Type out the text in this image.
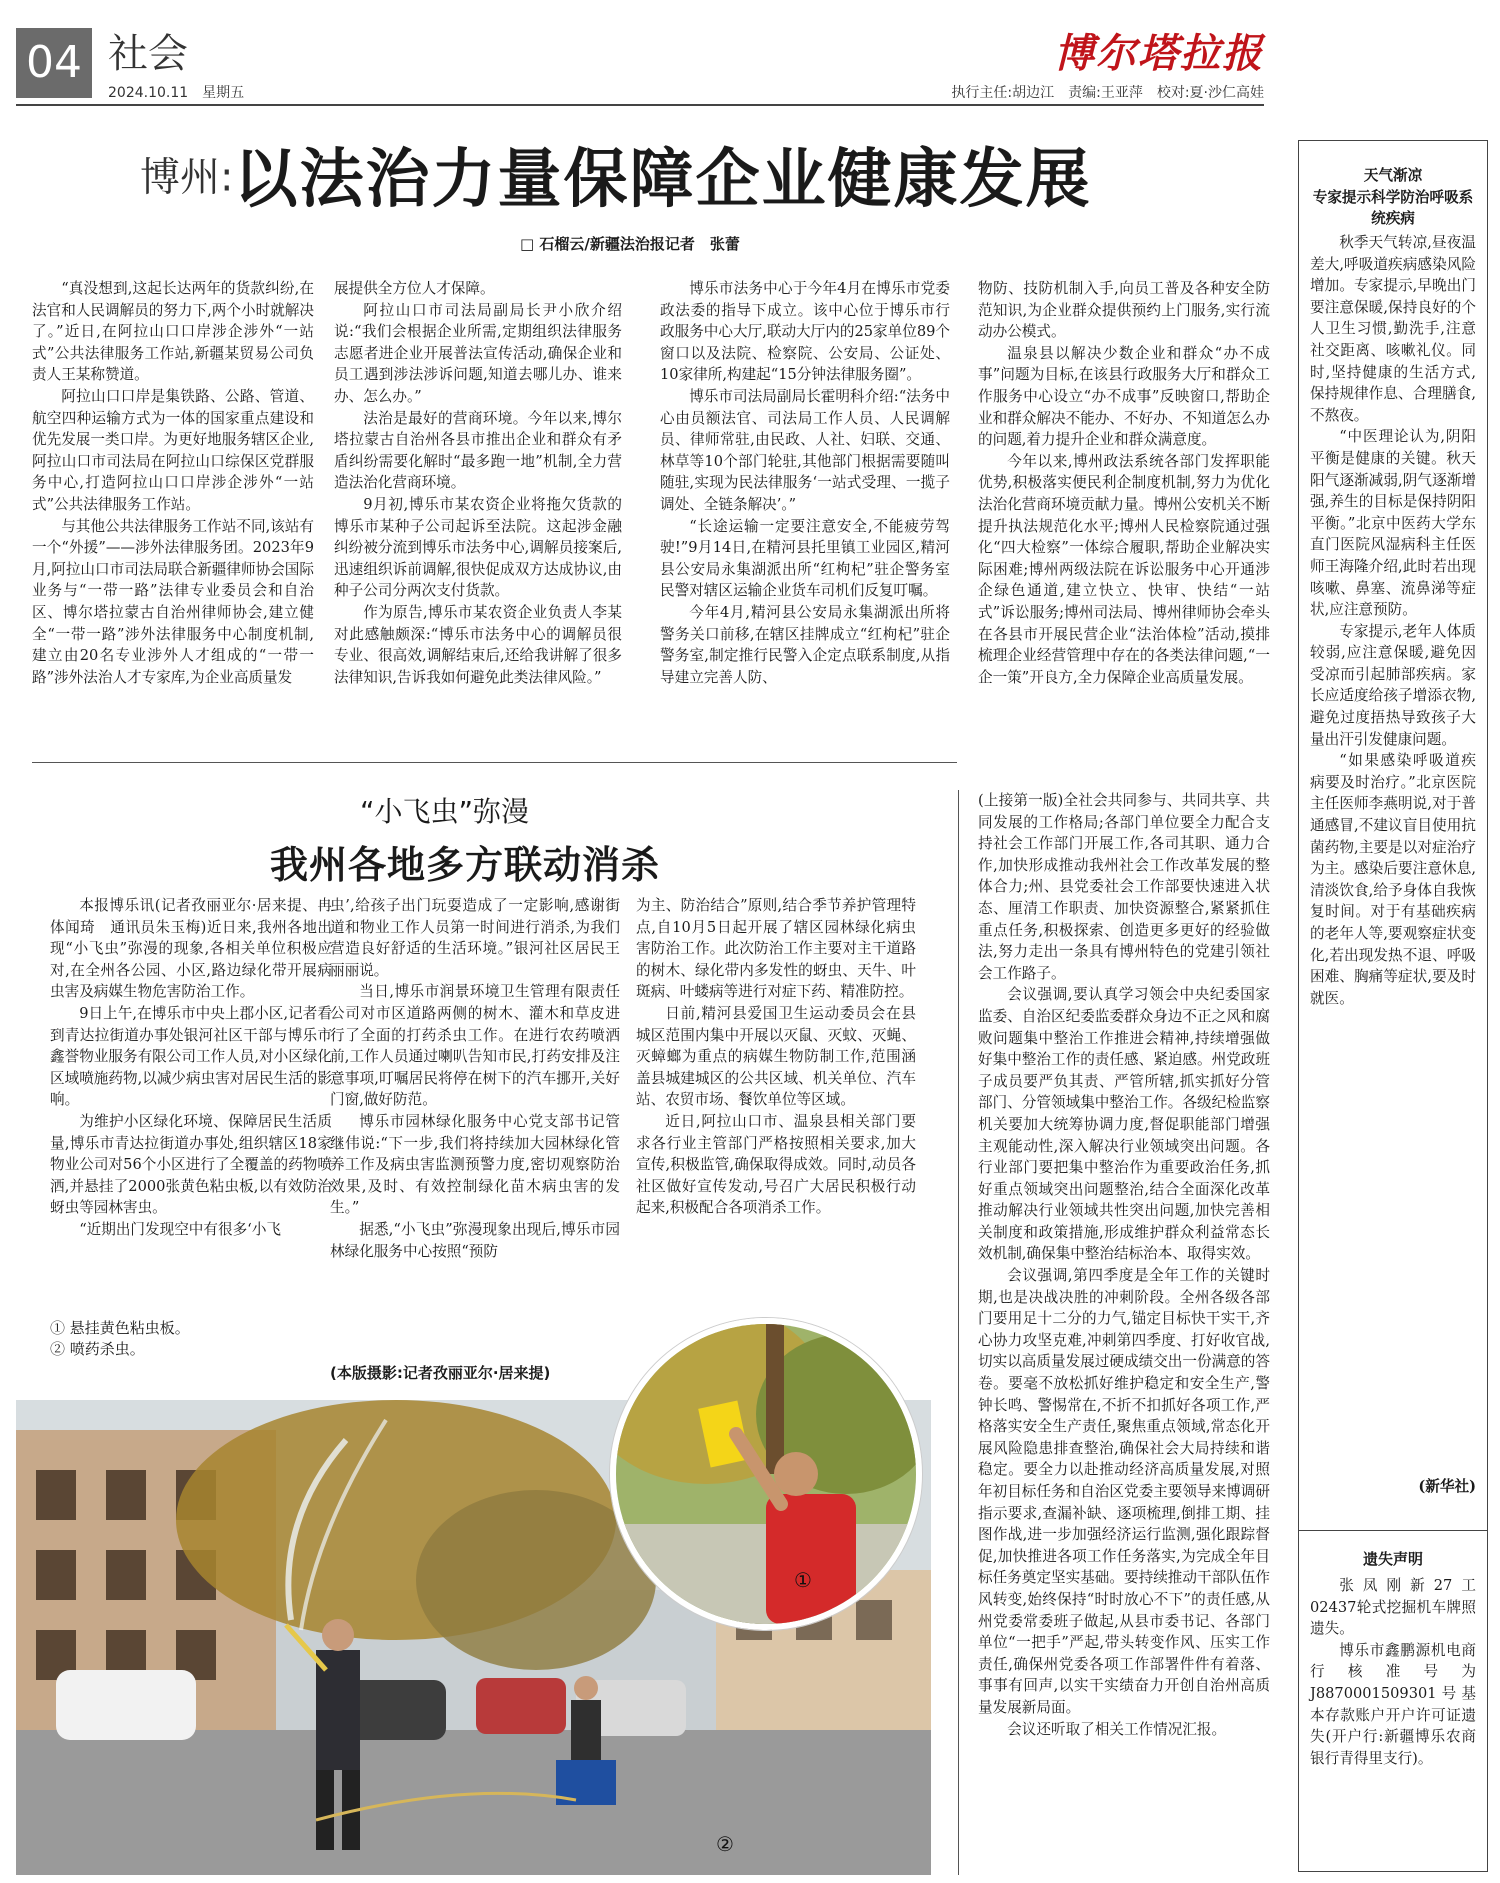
04 社会
2024.10.11　星期五
博尔塔拉报
执行主任:胡边江　责编:王亚萍　校对:夏·沙仁高娃
博州:以法治力量保障企业健康发展
□ 石榴云/新疆法治报记者　张蕾

“真没想到,这起长达两年的货款纠纷,在法官和人民调解员的努力下,两个小时就解决了。”近日,在阿拉山口口岸涉企涉外“一站式”公共法律服务工作站,新疆某贸易公司负责人王某称赞道。

阿拉山口口岸是集铁路、公路、管道、航空四种运输方式为一体的国家重点建设和优先发展一类口岸。为更好地服务辖区企业,阿拉山口市司法局在阿拉山口综保区党群服务中心,打造阿拉山口口岸涉企涉外“一站式”公共法律服务工作站。

与其他公共法律服务工作站不同,该站有一个“外援”——涉外法律服务团。2023年9月,阿拉山口市司法局联合新疆律师协会国际业务与“一带一路”法律专业委员会和自治区、博尔塔拉蒙古自治州律师协会,建立健全“一带一路”涉外法律服务中心制度机制,建立由20名专业涉外人才组成的“一带一路”涉外法治人才专家库,为企业高质量发

展提供全方位人才保障。

阿拉山口市司法局副局长尹小欣介绍说:“我们会根据企业所需,定期组织法律服务志愿者进企业开展普法宣传活动,确保企业和员工遇到涉法涉诉问题,知道去哪儿办、谁来办、怎么办。”

法治是最好的营商环境。今年以来,博尔塔拉蒙古自治州各县市推出企业和群众有矛盾纠纷需要化解时“最多跑一地”机制,全力营造法治化营商环境。

9月初,博乐市某农资企业将拖欠货款的博乐市某种子公司起诉至法院。这起涉金融纠纷被分流到博乐市法务中心,调解员接案后,迅速组织诉前调解,很快促成双方达成协议,由种子公司分两次支付货款。

作为原告,博乐市某农资企业负责人李某对此感触颇深:“博乐市法务中心的调解员很专业、很高效,调解结束后,还给我讲解了很多法律知识,告诉我如何避免此类法律风险。”

博乐市法务中心于今年4月在博乐市党委政法委的指导下成立。该中心位于博乐市行政服务中心大厅,联动大厅内的25家单位89个窗口以及法院、检察院、公安局、公证处、10家律所,构建起“15分钟法律服务圈”。

博乐市司法局副局长霍明科介绍:“法务中心由员额法官、司法局工作人员、人民调解员、律师常驻,由民政、人社、妇联、交通、林草等10个部门轮驻,其他部门根据需要随叫随驻,实现为民法律服务‘一站式受理、一揽子调处、全链条解决’。”

“长途运输一定要注意安全,不能疲劳驾驶!”9月14日,在精河县托里镇工业园区,精河县公安局永集湖派出所“红枸杞”驻企警务室民警对辖区运输企业货车司机们反复叮嘱。

今年4月,精河县公安局永集湖派出所将警务关口前移,在辖区挂牌成立“红枸杞”驻企警务室,制定推行民警入企定点联系制度,从指导建立完善人防、

物防、技防机制入手,向员工普及各种安全防范知识,为企业群众提供预约上门服务,实行流动办公模式。

温泉县以解决少数企业和群众“办不成事”问题为目标,在该县行政服务大厅和群众工作服务中心设立“办不成事”反映窗口,帮助企业和群众解决不能办、不好办、不知道怎么办的问题,着力提升企业和群众满意度。

今年以来,博州政法系统各部门发挥职能优势,积极落实便民利企制度机制,努力为优化法治化营商环境贡献力量。博州公安机关不断提升执法规范化水平;博州人民检察院通过强化“四大检察”一体综合履职,帮助企业解决实际困难;博州两级法院在诉讼服务中心开通涉企绿色通道,建立快立、快审、快结“一站式”诉讼服务;博州司法局、博州律师协会牵头在各县市开展民营企业“法治体检”活动,摸排梳理企业经营管理中存在的各类法律问题,“一企一策”开良方,全力保障企业高质量发展。

“小飞虫”弥漫
我州各地多方联动消杀

本报博乐讯(记者孜丽亚尔·居来提、冉体闻琦　通讯员朱玉梅)近日来,我州各地出现“小飞虫”弥漫的现象,各相关单位积极应对,在全州各公园、小区,路边绿化带开展病虫害及病媒生物危害防治工作。

9日上午,在博乐市中央上郡小区,记者看到青达拉街道办事处银河社区干部与博乐市鑫誉物业服务有限公司工作人员,对小区绿化区域喷施药物,以减少病虫害对居民生活的影响。

为维护小区绿化环境、保障居民生活质量,博乐市青达拉街道办事处,组织辖区18家物业公司对56个小区进行了全覆盖的药物喷洒,并悬挂了2000张黄色粘虫板,以有效防治蚜虫等园林害虫。

“近期出门发现空中有很多‘小飞

虫’,给孩子出门玩耍造成了一定影响,感谢街道和物业工作人员第一时间进行消杀,为我们营造良好舒适的生活环境。”银河社区居民王丽丽说。

当日,博乐市润景环境卫生管理有限责任公司对市区道路两侧的树木、灌木和草皮进行了全面的打药杀虫工作。在进行农药喷洒前,工作人员通过喇叭告知市民,打药安排及注意事项,叮嘱居民将停在树下的汽车挪开,关好门窗,做好防范。

博乐市园林绿化服务中心党支部书记管继伟说:“下一步,我们将持续加大园林绿化管养工作及病虫害监测预警力度,密切观察防治效果,及时、有效控制绿化苗木病虫害的发生。”

据悉,“小飞虫”弥漫现象出现后,博乐市园林绿化服务中心按照“预防

为主、防治结合”原则,结合季节养护管理特点,自10月5日起开展了辖区园林绿化病虫害防治工作。此次防治工作主要对主干道路的树木、绿化带内多发性的蚜虫、天牛、叶斑病、叶蝼病等进行对症下药、精准防控。

日前,精河县爱国卫生运动委员会在县城区范围内集中开展以灭鼠、灭蚊、灭蝇、灭蟑螂为重点的病媒生物防制工作,范围涵盖县城建城区的公共区域、机关单位、汽车站、农贸市场、餐饮单位等区域。

近日,阿拉山口市、温泉县相关部门要求各行业主管部门严格按照相关要求,加大宣传,积极监管,确保取得成效。同时,动员各社区做好宣传发动,号召广大居民积极行动起来,积极配合各项消杀工作。

① 悬挂黄色粘虫板。
② 喷药杀虫。
(本版摄影:记者孜丽亚尔·居来提)
②
①

(上接第一版)全社会共同参与、共同共享、共同发展的工作格局;各部门单位要全力配合支持社会工作部门开展工作,各司其职、通力合作,加快形成推动我州社会工作改革发展的整体合力;州、县党委社会工作部要快速进入状态、厘清工作职责、加快资源整合,紧紧抓住重点任务,积极探索、创造更多更好的经验做法,努力走出一条具有博州特色的党建引领社会工作路子。

会议强调,要认真学习领会中央纪委国家监委、自治区纪委监委群众身边不正之风和腐败问题集中整治工作推进会精神,持续增强做好集中整治工作的责任感、紧迫感。州党政班子成员要严负其责、严管所辖,抓实抓好分管部门、分管领域集中整治工作。各级纪检监察机关要加大统筹协调力度,督促职能部门增强主观能动性,深入解决行业领域突出问题。各行业部门要把集中整治作为重要政治任务,抓好重点领域突出问题整治,结合全面深化改革推动解决行业领域共性突出问题,加快完善相关制度和政策措施,形成维护群众利益常态长效机制,确保集中整治结标治本、取得实效。

会议强调,第四季度是全年工作的关键时期,也是决战决胜的冲刺阶段。全州各级各部门要用足十二分的力气,锚定目标快干实干,齐心协力攻坚克难,冲刺第四季度、打好收官战,切实以高质量发展过硬成绩交出一份满意的答卷。要毫不放松抓好维护稳定和安全生产,警钟长鸣、警惕常在,不折不扣抓好各项工作,严格落实安全生产责任,聚焦重点领域,常态化开展风险隐患排查整治,确保社会大局持续和谐稳定。要全力以赴推动经济高质量发展,对照年初目标任务和自治区党委主要领导来博调研指示要求,查漏补缺、逐项梳理,倒排工期、挂图作战,进一步加强经济运行监测,强化跟踪督促,加快推进各项工作任务落实,为完成全年目标任务奠定坚实基础。要持续推动干部队伍作风转变,始终保持“时时放心不下”的责任感,从州党委常委班子做起,从县市委书记、各部门单位“一把手”严起,带头转变作风、压实工作责任,确保州党委各项工作部署件件有着落、事事有回声,以实干实绩奋力开创自治州高质量发展新局面。

会议还听取了相关工作情况汇报。

天气渐凉
专家提示科学防治呼吸系统疾病

秋季天气转凉,昼夜温差大,呼吸道疾病感染风险增加。专家提示,早晚出门要注意保暖,保持良好的个人卫生习惯,勤洗手,注意社交距离、咳嗽礼仪。同时,坚持健康的生活方式,保持规律作息、合理膳食,不熬夜。

“中医理论认为,阴阳平衡是健康的关键。秋天阳气逐渐减弱,阴气逐渐增强,养生的目标是保持阴阳平衡。”北京中医药大学东直门医院风湿病科主任医师王海隆介绍,此时若出现咳嗽、鼻塞、流鼻涕等症状,应注意预防。

专家提示,老年人体质较弱,应注意保暖,避免因受凉而引起肺部疾病。家长应适度给孩子增添衣物,避免过度捂热导致孩子大量出汗引发健康问题。

“如果感染呼吸道疾病要及时治疗。”北京医院主任医师李燕明说,对于普通感冒,不建议盲目使用抗菌药物,主要是以对症治疗为主。感染后要注意休息,清淡饮食,给予身体自我恢复时间。对于有基础疾病的老年人等,要观察症状变化,若出现发热不退、呼吸困难、胸痛等症状,要及时就医。

(新华社)
遗失声明

张凤刚新27工02437轮式挖掘机车牌照遗失。

博乐市鑫鹏源机电商行核准号为J8870001509301号基本存款账户开户许可证遗失(开户行:新疆博乐农商银行青得里支行)。
